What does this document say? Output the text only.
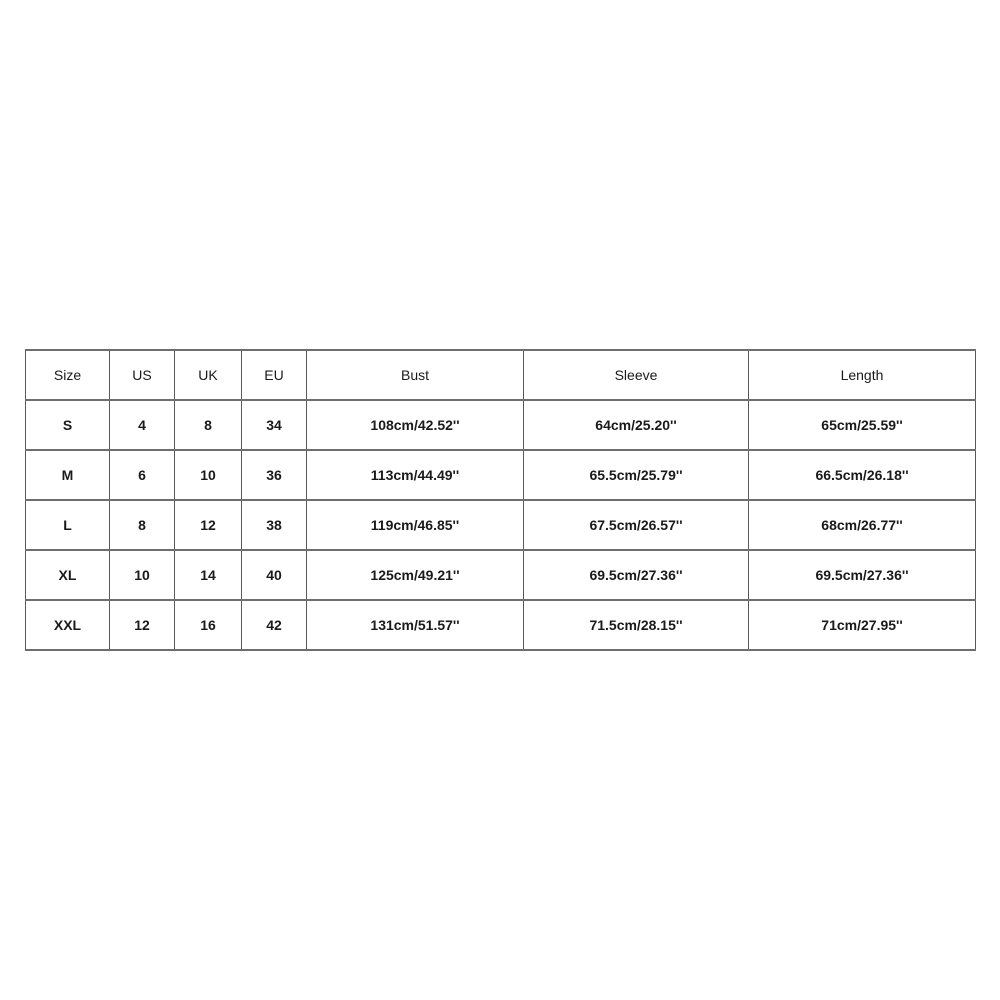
Size	US	UK	EU	Bust	Sleeve	Length
S	4	8	34	108cm/42.52''	64cm/25.20''	65cm/25.59''
M	6	10	36	113cm/44.49''	65.5cm/25.79''	66.5cm/26.18''
L	8	12	38	119cm/46.85''	67.5cm/26.57''	68cm/26.77''
XL	10	14	40	125cm/49.21''	69.5cm/27.36''	69.5cm/27.36''
XXL	12	16	42	131cm/51.57''	71.5cm/28.15''	71cm/27.95''
